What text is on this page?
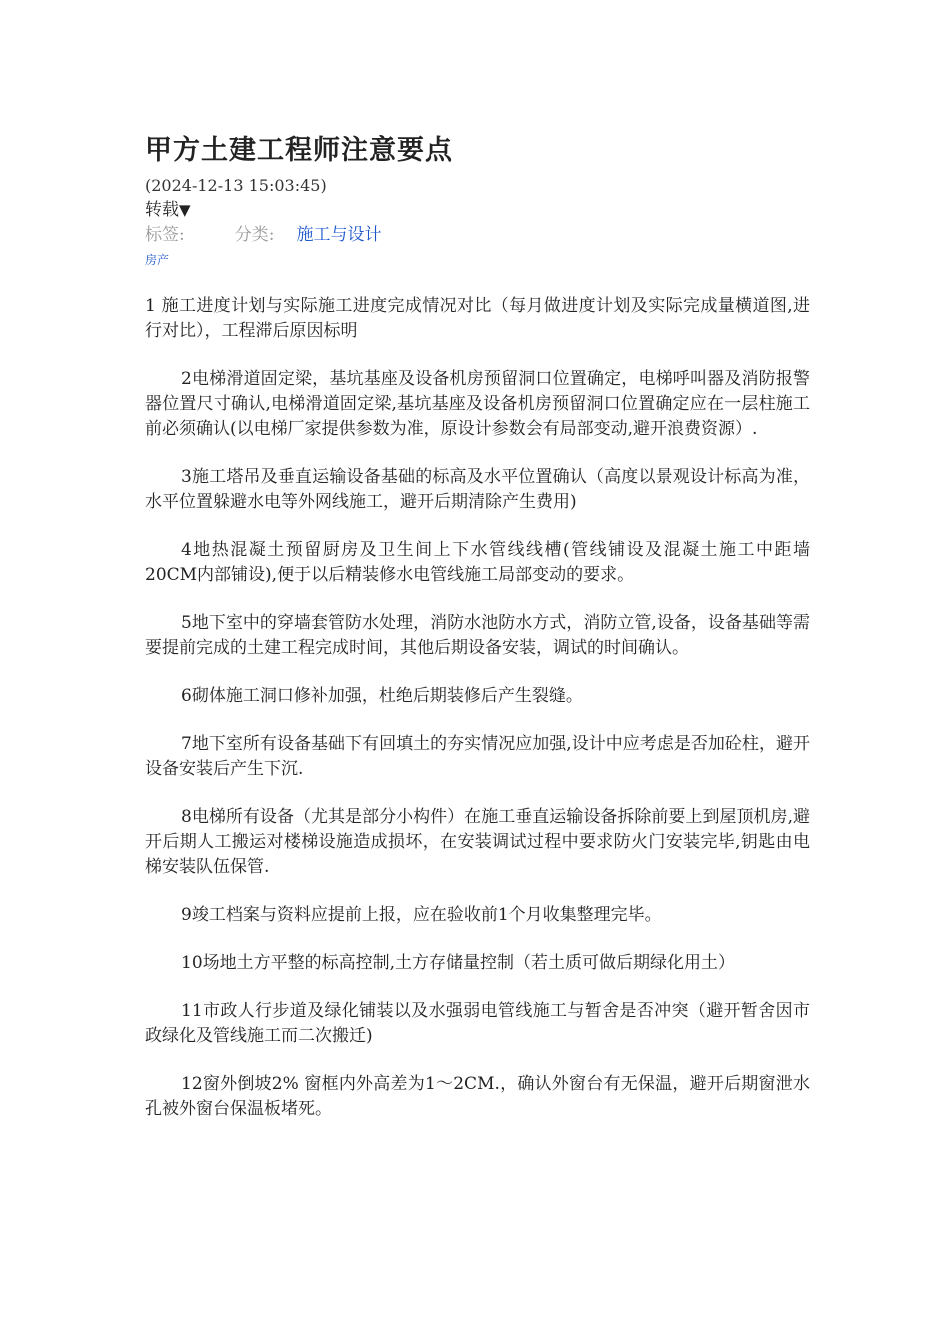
甲方土建工程师注意要点
(2024-12-13 15:03:45)
转载▼
标签:	分类: 施工与设计
房产

1 施工进度计划与实际施工进度完成情况对比（每月做进度计划及实际完成量横道图,进行对比），工程滞后原因标明

2电梯滑道固定梁，基坑基座及设备机房预留洞口位置确定，电梯呼叫器及消防报警器位置尺寸确认,电梯滑道固定梁,基坑基座及设备机房预留洞口位置确定应在一层柱施工前必须确认(以电梯厂家提供参数为准，原设计参数会有局部变动,避开浪费资源）.

3施工塔吊及垂直运输设备基础的标高及水平位置确认（高度以景观设计标高为准，水平位置躲避水电等外网线施工，避开后期清除产生费用)

4地热混凝土预留厨房及卫生间上下水管线线槽(管线铺设及混凝土施工中距墙20CM内部铺设),便于以后精装修水电管线施工局部变动的要求。

5地下室中的穿墙套管防水处理，消防水池防水方式，消防立管,设备，设备基础等需要提前完成的土建工程完成时间，其他后期设备安装，调试的时间确认。

6砌体施工洞口修补加强，杜绝后期装修后产生裂缝。

7地下室所有设备基础下有回填土的夯实情况应加强,设计中应考虑是否加砼柱，避开设备安装后产生下沉.

8电梯所有设备（尤其是部分小构件）在施工垂直运输设备拆除前要上到屋顶机房,避开后期人工搬运对楼梯设施造成损坏，在安装调试过程中要求防火门安装完毕,钥匙由电梯安装队伍保管.

9竣工档案与资料应提前上报，应在验收前1个月收集整理完毕。

10场地土方平整的标高控制,土方存储量控制（若土质可做后期绿化用土）

11市政人行步道及绿化铺装以及水强弱电管线施工与暂舍是否冲突（避开暂舍因市政绿化及管线施工而二次搬迁)

12窗外倒坡2% 窗框内外高差为1～2CM.，确认外窗台有无保温，避开后期窗泄水孔被外窗台保温板堵死。
